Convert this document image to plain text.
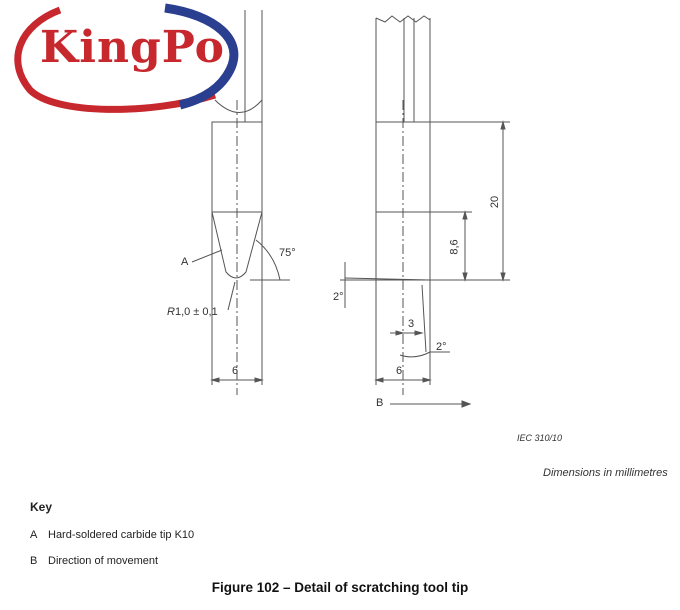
KingPo
A
75°
R1,0 ± 0,1
6
20
8,6
2°
3
2°
6
B
IEC 310/10
Dimensions in millimetres
Key
A Hard-soldered carbide tip K10
B Direction of movement
Figure 102 – Detail of scratching tool tip
